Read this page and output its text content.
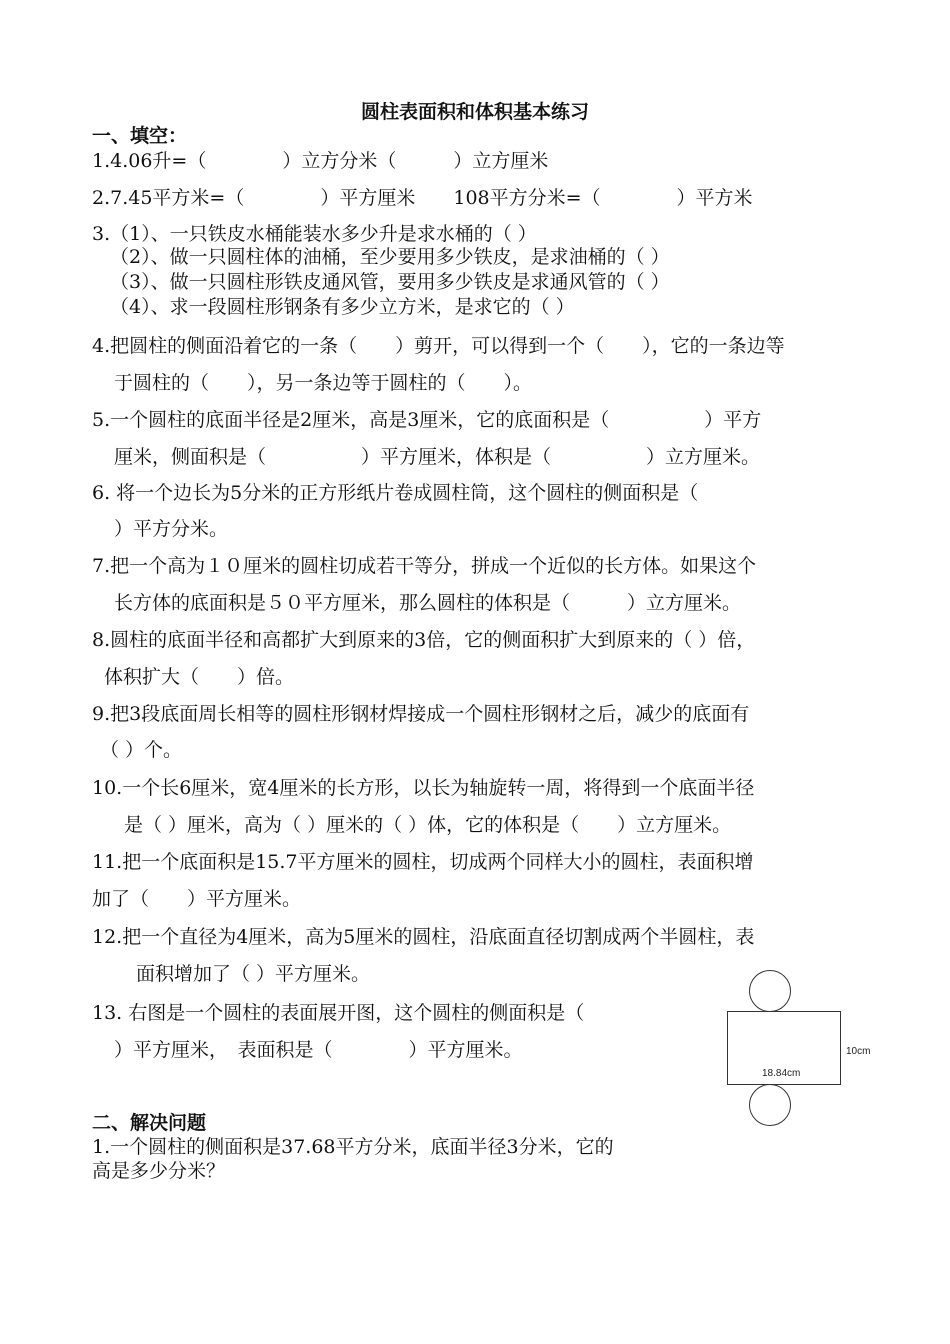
圆柱表面积和体积基本练习
一、填空：
1.4.06升=（　　　　）立方分米（　　　）立方厘米
2.7.45平方米=（　　　　）平方厘米　　108平方分米=（　　　　）平方米
3.（1）、一只铁皮水桶能装水多少升是求水桶的（ ）
（2）、做一只圆柱体的油桶，至少要用多少铁皮，是求油桶的（ ）
（3）、做一只圆柱形铁皮通风管，要用多少铁皮是求通风管的（ ）
（4）、求一段圆柱形钢条有多少立方米，是求它的（ ）
4.把圆柱的侧面沿着它的一条（　　）剪开，可以得到一个（　　），它的一条边等
于圆柱的（　　），另一条边等于圆柱的（　　）。
5.一个圆柱的底面半径是2厘米，高是3厘米，它的底面积是（　　　　　）平方
厘米，侧面积是（　　　　　）平方厘米，体积是（　　　　　）立方厘米。
6. 将一个边长为5分米的正方形纸片卷成圆柱筒，这个圆柱的侧面积是（
）平方分米。
7.把一个高为１０厘米的圆柱切成若干等分，拼成一个近似的长方体。如果这个
长方体的底面积是５０平方厘米，那么圆柱的体积是（　　　）立方厘米。
8.圆柱的底面半径和高都扩大到原来的3倍，它的侧面积扩大到原来的（ ）倍，
体积扩大（　　）倍。
9.把3段底面周长相等的圆柱形钢材焊接成一个圆柱形钢材之后，减少的底面有
（ ）个。
10.一个长6厘米，宽4厘米的长方形，以长为轴旋转一周，将得到一个底面半径
是（ ）厘米，高为（ ）厘米的（ ）体，它的体积是（　　）立方厘米。
11.把一个底面积是15.7平方厘米的圆柱，切成两个同样大小的圆柱，表面积增
加了（　　）平方厘米。
12.把一个直径为4厘米，高为5厘米的圆柱，沿底面直径切割成两个半圆柱，表
面积增加了（ ）平方厘米。
13. 右图是一个圆柱的表面展开图，这个圆柱的侧面积是（
）平方厘米，　表面积是（　　　　）平方厘米。	10cm
18.84cm
二、解决问题
1.一个圆柱的侧面积是37.68平方分米，底面半径3分米，它的
高是多少分米？
